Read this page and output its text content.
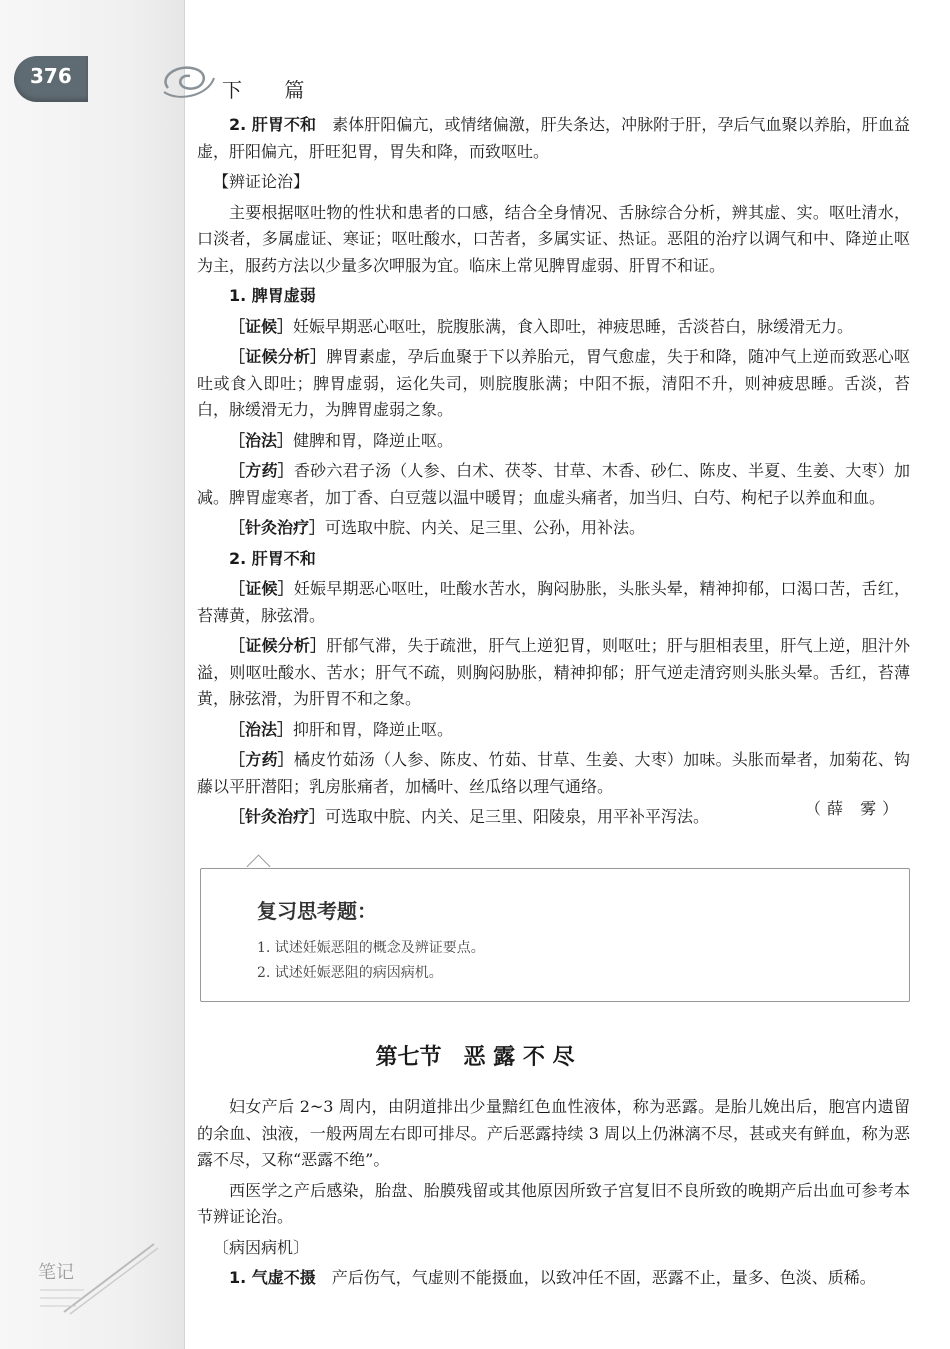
376
下 篇

2. 肝胃不和  素体肝阳偏亢，或情绪偏激，肝失条达，冲脉附于肝，孕后气血聚以养胎，肝血益虚，肝阳偏亢，肝旺犯胃，胃失和降，而致呕吐。

【辨证论治】

主要根据呕吐物的性状和患者的口感，结合全身情况、舌脉综合分析，辨其虚、实。呕吐清水，口淡者，多属虚证、寒证；呕吐酸水，口苦者，多属实证、热证。恶阻的治疗以调气和中、降逆止呕为主，服药方法以少量多次呷服为宜。临床上常见脾胃虚弱、肝胃不和证。

1. 脾胃虚弱

［证候］妊娠早期恶心呕吐，脘腹胀满，食入即吐，神疲思睡，舌淡苔白，脉缓滑无力。

［证候分析］脾胃素虚，孕后血聚于下以养胎元，胃气愈虚，失于和降，随冲气上逆而致恶心呕吐或食入即吐；脾胃虚弱，运化失司，则脘腹胀满；中阳不振，清阳不升，则神疲思睡。舌淡，苔白，脉缓滑无力，为脾胃虚弱之象。

［治法］健脾和胃，降逆止呕。

［方药］香砂六君子汤（人参、白术、茯苓、甘草、木香、砂仁、陈皮、半夏、生姜、大枣）加减。脾胃虚寒者，加丁香、白豆蔻以温中暖胃；血虚头痛者，加当归、白芍、枸杞子以养血和血。

［针灸治疗］可选取中脘、内关、足三里、公孙，用补法。

2. 肝胃不和

［证候］妊娠早期恶心呕吐，吐酸水苦水，胸闷胁胀，头胀头晕，精神抑郁，口渴口苦，舌红，苔薄黄，脉弦滑。

［证候分析］肝郁气滞，失于疏泄，肝气上逆犯胃，则呕吐；肝与胆相表里，肝气上逆，胆汁外溢，则呕吐酸水、苦水；肝气不疏，则胸闷胁胀，精神抑郁；肝气逆走清窍则头胀头晕。舌红，苔薄黄，脉弦滑，为肝胃不和之象。

［治法］抑肝和胃，降逆止呕。

［方药］橘皮竹茹汤（人参、陈皮、竹茹、甘草、生姜、大枣）加味。头胀而晕者，加菊花、钩藤以平肝潜阳；乳房胀痛者，加橘叶、丝瓜络以理气通络。

［针灸治疗］可选取中脘、内关、足三里、阳陵泉，用平补平泻法。	（薛 雾）
复习思考题：
1. 试述妊娠恶阻的概念及辨证要点。
2. 试述妊娠恶阻的病因病机。
第七节 恶 露 不 尽

妇女产后 2~3 周内，由阴道排出少量黯红色血性液体，称为恶露。是胎儿娩出后，胞宫内遗留的余血、浊液，一般两周左右即可排尽。产后恶露持续 3 周以上仍淋漓不尽，甚或夹有鲜血，称为恶露不尽，又称“恶露不绝”。

西医学之产后感染，胎盘、胎膜残留或其他原因所致子宫复旧不良所致的晚期产后出血可参考本节辨证论治。

〔病因病机〕

1. 气虚不摄  产后伤气，气虚则不能摄血，以致冲任不固，恶露不止，量多、色淡、质稀。

笔记
